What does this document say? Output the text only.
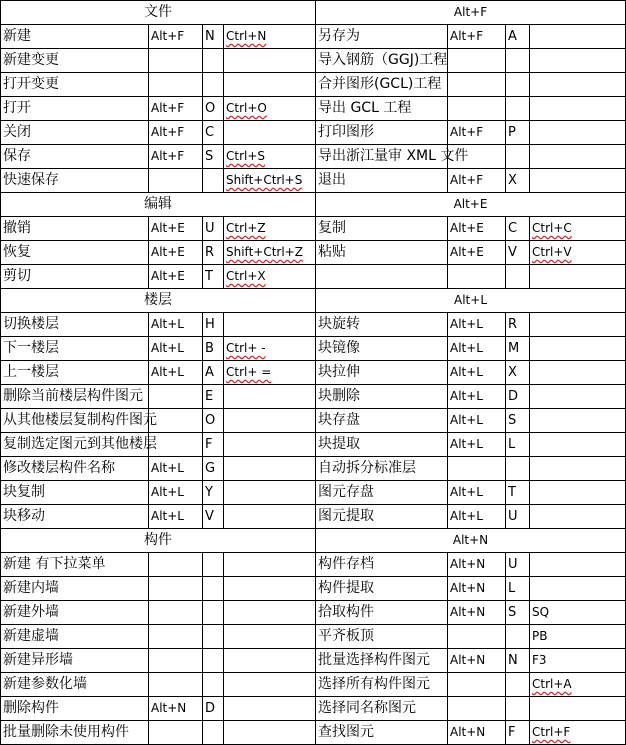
文件				Alt+F			
新建	Alt+F	N	Ctrl+N	另存为	Alt+F	A	
新建变更				导入钢筋（GGJ)工程			
打开变更				合并图形(GCL)工程			
打开	Alt+F	O	Ctrl+O	导出 GCL 工程			
关闭	Alt+F	C		打印图形	Alt+F	P	
保存	Alt+F	S	Ctrl+S	导出浙江量审 XML 文件			
快速保存			Shift+Ctrl+S	退出	Alt+F	X	
编辑				Alt+E			
撤销	Alt+E	U	Ctrl+Z	复制	Alt+E	C	Ctrl+C
恢复	Alt+E	R	Shift+Ctrl+Z	粘贴	Alt+E	V	Ctrl+V
剪切	Alt+E	T	Ctrl+X				
楼层				Alt+L			
切换楼层	Alt+L	H		块旋转	Alt+L	R	
下一楼层	Alt+L	B	Ctrl+ -	块镜像	Alt+L	M	
上一楼层	Alt+L	A	Ctrl+ =	块拉伸	Alt+L	X	
删除当前楼层构件图元		E		块删除	Alt+L	D	
从其他楼层复制构件图元		O		块存盘	Alt+L	S	
复制选定图元到其他楼层		F		块提取	Alt+L	L	
修改楼层构件名称	Alt+L	G		自动拆分标准层			
块复制	Alt+L	Y		图元存盘	Alt+L	T	
块移动	Alt+L	V		图元提取	Alt+L	U	
构件				Alt+N			
新建 有下拉菜单				构件存档	Alt+N	U	
新建内墙				构件提取	Alt+N	L	
新建外墙				拾取构件	Alt+N	S	SQ
新建虚墙				平齐板顶			PB
新建异形墙				批量选择构件图元	Alt+N	N	F3
新建参数化墙				选择所有构件图元			Ctrl+A
删除构件	Alt+N	D		选择同名称图元			
批量删除未使用构件				查找图元	Alt+N	F	Ctrl+F
